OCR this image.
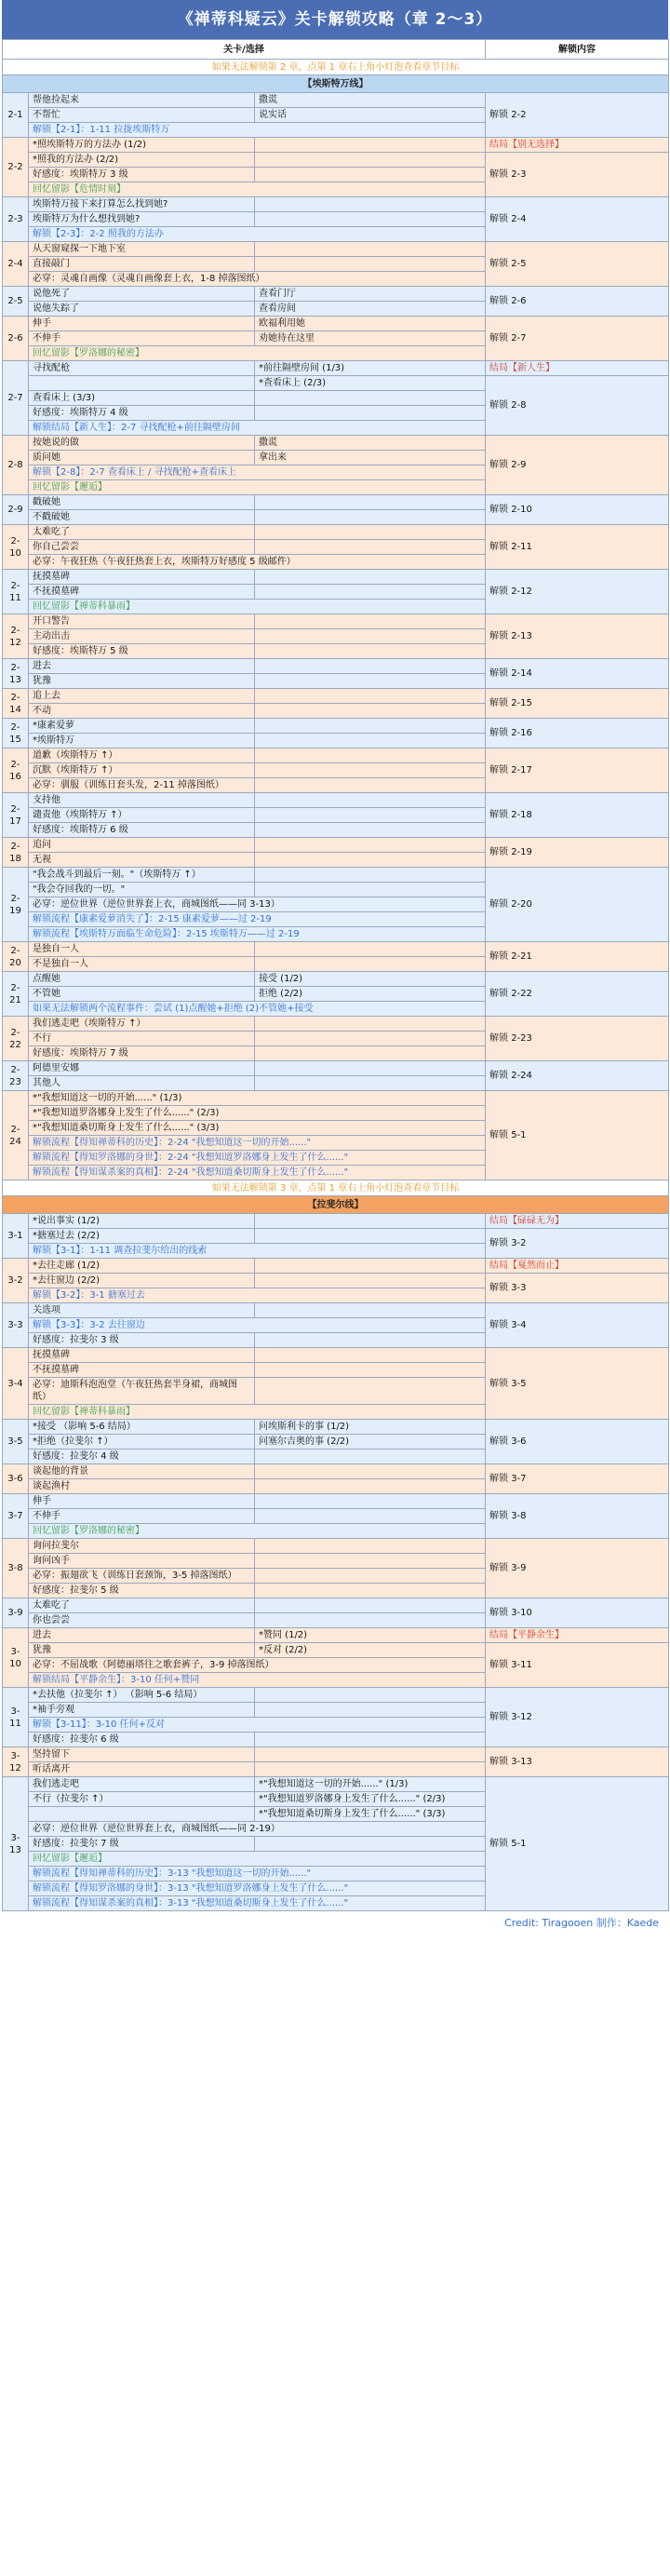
《禅蒂科疑云》关卡解锁攻略（章 2～3）
关卡/选择			解锁内容
如果无法解锁第 2 章，点第 1 章右上角小灯泡查看章节目标			
【埃斯特万线】			
2-1	帮他捡起来	撒谎	解锁 2-2
	不帮忙	说实话	
	解锁【2-1】：1-11 拉拢埃斯特万		
2-2	*照埃斯特万的方法办 (1/2)		结局【别无选择】
	*照我的方法办 (2/2)		解锁 2-3
	好感度：埃斯特万 3 级		
	回忆留影【危情时刻】		
2-3	埃斯特万接下来打算怎么找到她?		解锁 2-4
	埃斯特万为什么想找到她?		
	解锁【2-3】：2-2 照我的方法办		
2-4	从天窗窥探一下地下室		解锁 2-5
	直接敲门		
	必穿：灵魂自画像（灵魂自画像套上衣，1-8 掉落图纸）		
2-5	说他死了	查看门厅	解锁 2-6
	说他失踪了	查看房间	
2-6	伸手	欧福利用她	解锁 2-7
	不伸手	劝她待在这里	
	回忆留影【罗洛娜的秘密】		
2-7	寻找配枪	*前往隔壁房间 (1/3)	结局【新人生】
		*查看床上 (2/3)	解锁 2-8
	查看床上 (3/3)		
	好感度：埃斯特万 4 级		
	解锁结局【新人生】：2-7 寻找配枪+前往隔壁房间		
2-8	按她说的做	撒谎	解锁 2-9
	质问她	拿出来	
	解锁【2-8】：2-7 查看床上 / 寻找配枪+查看床上		
	回忆留影【邂逅】		
2-9	戳破她		解锁 2-10
	不戳破她		
2-10	太难吃了		解锁 2-11
	你自己尝尝		
	必穿：午夜狂热（午夜狂热套上衣，埃斯特万好感度 5 级邮件）		
2-11	抚摸墓碑		解锁 2-12
	不抚摸墓碑		
	回忆留影【禅蒂科暴雨】		
2-12	开口警告		解锁 2-13
	主动出击		
	好感度：埃斯特万 5 级		
2-13	进去		解锁 2-14
	犹豫		
2-14	追上去		解锁 2-15
	不动		
2-15	*康素爱萝		解锁 2-16
	*埃斯特万		
2-16	道歉（埃斯特万 ↑）		解锁 2-17
	沉默（埃斯特万 ↑）		
	必穿：驯服（训练日套头发，2-11 掉落图纸）		
2-17	支持他		解锁 2-18
	谴责他（埃斯特万 ↑）		
	好感度：埃斯特万 6 级		
2-18	追问		解锁 2-19
	无视		
2-19	"我会战斗到最后一刻。"（埃斯特万 ↑）		解锁 2-20
	"我会夺回我的一切。"		
	必穿：逆位世界（逆位世界套上衣，商城图纸——同 3-13）		
	解锁流程【康素爱萝消失了】：2-15 康素爱萝——过 2-19		
	解锁流程【埃斯特万面临生命危险】：2-15 埃斯特万——过 2-19		
2-20	是独自一人		解锁 2-21
	不是独自一人		
2-21	点醒她	接受 (1/2)	解锁 2-22
	不管她	拒绝 (2/2)	
	如果无法解锁两个流程事件：尝试 (1)点醒她+拒绝 (2)不管她+接受		
2-22	我们逃走吧（埃斯特万 ↑）		解锁 2-23
	不行		
	好感度：埃斯特万 7 级		
2-23	阿德里安娜		解锁 2-24
	其他人		
2-24	*"我想知道这一切的开始......" (1/3)		解锁 5-1
	*"我想知道罗洛娜身上发生了什么......" (2/3)		
	*"我想知道桑切斯身上发生了什么......" (3/3)		
	解锁流程【得知禅蒂科的历史】：2-24 "我想知道这一切的开始......"		
	解锁流程【得知罗洛娜的身世】：2-24 "我想知道罗洛娜身上发生了什么......"		
	解锁流程【得知谋杀案的真相】：2-24 "我想知道桑切斯身上发生了什么......"		
如果无法解锁第 3 章，点第 1 章右上角小灯泡查看章节目标			
【拉斐尔线】			
3-1	*说出事实 (1/2)		结局【碌碌无为】
	*搪塞过去 (2/2)		解锁 3-2
	解锁【3-1】：1-11 调查拉斐尔给出的线索		
3-2	*去往走廊 (1/2)		结局【戛然而止】
	*去往窗边 (2/2)		解锁 3-3
	解锁【3-2】：3-1 搪塞过去		
3-3	关选项		解锁 3-4
	解锁【3-3】：3-2 去往窗边		
	好感度：拉斐尔 3 级		
3-4	抚摸墓碑		解锁 3-5
	不抚摸墓碑		
	必穿：迪斯科泡泡堂（午夜狂热套半身裙，商城图纸）		
	回忆留影【禅蒂科暴雨】		
3-5	*接受 （影响 5-6 结局）	问埃斯利卡的事 (1/2)	解锁 3-6
	*拒绝（拉斐尔 ↑）	问塞尔吉奥的事 (2/2)	
	好感度：拉斐尔 4 级		
3-6	谈起他的背景		解锁 3-7
	谈起渔村		
3-7	伸手		解锁 3-8
	不伸手		
	回忆留影【罗洛娜的秘密】		
3-8	询问拉斐尔		解锁 3-9
	询问凶手		
	必穿：振翅欲飞（训练日套颈饰，3-5 掉落图纸）		
	好感度：拉斐尔 5 级		
3-9	太难吃了		解锁 3-10
	你也尝尝		
3-10	进去	*赞同 (1/2)	结局【平静余生】
	犹豫	*反对 (2/2)	解锁 3-11
	必穿：不屈战歌（阿德丽塔往之歌套裤子，3-9 掉落图纸）		
	解锁结局【平静余生】：3-10 任何+赞同		
3-11	*去扶他（拉斐尔 ↑） （影响 5-6 结局）		解锁 3-12
	*袖手旁观		
	解锁【3-11】：3-10 任何+反对		
	好感度：拉斐尔 6 级		
3-12	坚持留下		解锁 3-13
	听话离开		
3-13	我们逃走吧	*"我想知道这一切的开始......" (1/3)	解锁 5-1
	不行（拉斐尔 ↑）	*"我想知道罗洛娜身上发生了什么......" (2/3)	
		*"我想知道桑切斯身上发生了什么......" (3/3)	
	必穿：逆位世界（逆位世界套上衣，商城图纸——同 2-19）		
	好感度：拉斐尔 7 级		
	回忆留影【邂逅】		
	解锁流程【得知禅蒂科的历史】：3-13 "我想知道这一切的开始......"		
	解锁流程【得知罗洛娜的身世】：3-13 "我想知道罗洛娜身上发生了什么......"		
	解锁流程【得知谋杀案的真相】：3-13 "我想知道桑切斯身上发生了什么......"		
Credit: Tiragooen 制作：Kaede
